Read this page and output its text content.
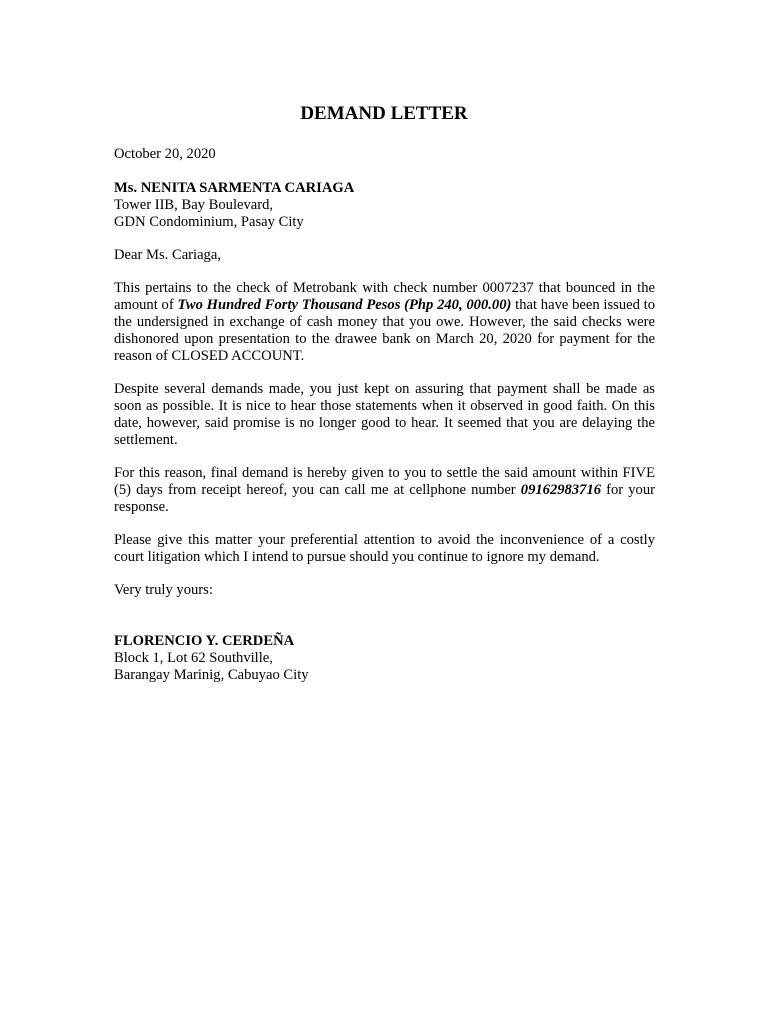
DEMAND LETTER
October 20, 2020
Ms. NENITA SARMENTA CARIAGA
Tower IIB, Bay Boulevard,
GDN Condominium, Pasay City
Dear Ms. Cariaga,

This pertains to the check of Metrobank with check number 0007237 that bounced in the amount of Two Hundred Forty Thousand Pesos (Php 240, 000.00) that have been issued to the undersigned in exchange of cash money that you owe. However, the said checks were dishonored upon presentation to the drawee bank on March 20, 2020 for payment for the reason of CLOSED ACCOUNT.

Despite several demands made, you just kept on assuring that payment shall be made as soon as possible. It is nice to hear those statements when it observed in good faith. On this date, however, said promise is no longer good to hear. It seemed that you are delaying the settlement.

For this reason, final demand is hereby given to you to settle the said amount within FIVE (5) days from receipt hereof, you can call me at cellphone number 09162983716 for your response.

Please give this matter your preferential attention to avoid the inconvenience of a costly court litigation which I intend to pursue should you continue to ignore my demand.

Very truly yours:
FLORENCIO Y. CERDEÑA
Block 1, Lot 62 Southville,
Barangay Marinig, Cabuyao City
